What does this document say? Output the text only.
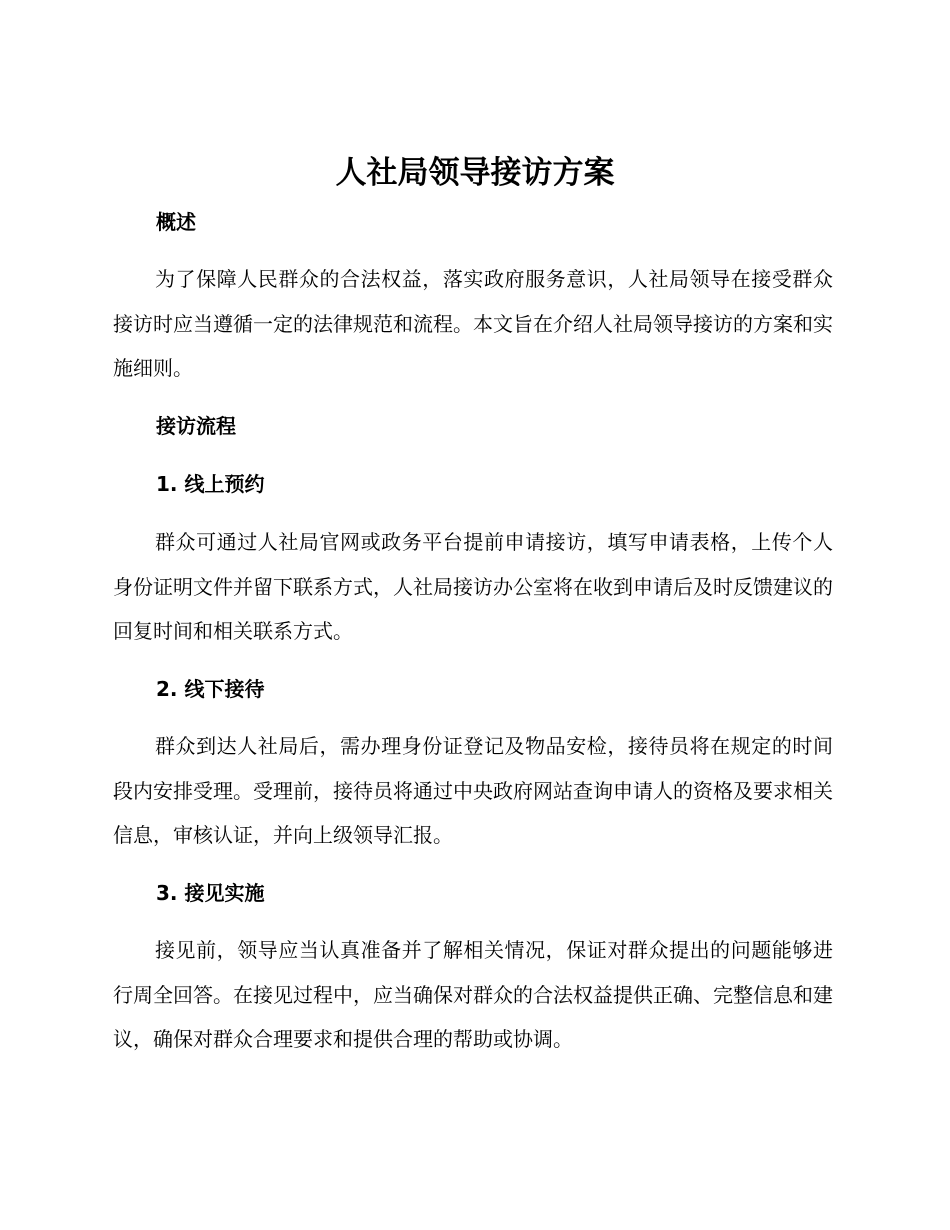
人社局领导接访方案
概述

为了保障人民群众的合法权益，落实政府服务意识，人社局领导在接受群众接访时应当遵循一定的法律规范和流程。本文旨在介绍人社局领导接访的方案和实施细则。

接访流程
1. 线上预约

群众可通过人社局官网或政务平台提前申请接访，填写申请表格，上传个人身份证明文件并留下联系方式，人社局接访办公室将在收到申请后及时反馈建议的回复时间和相关联系方式。

2. 线下接待

群众到达人社局后，需办理身份证登记及物品安检，接待员将在规定的时间段内安排受理。受理前，接待员将通过中央政府网站查询申请人的资格及要求相关信息，审核认证，并向上级领导汇报。

3. 接见实施

接见前，领导应当认真准备并了解相关情况，保证对群众提出的问题能够进行周全回答。在接见过程中，应当确保对群众的合法权益提供正确、完整信息和建议，确保对群众合理要求和提供合理的帮助或协调。
